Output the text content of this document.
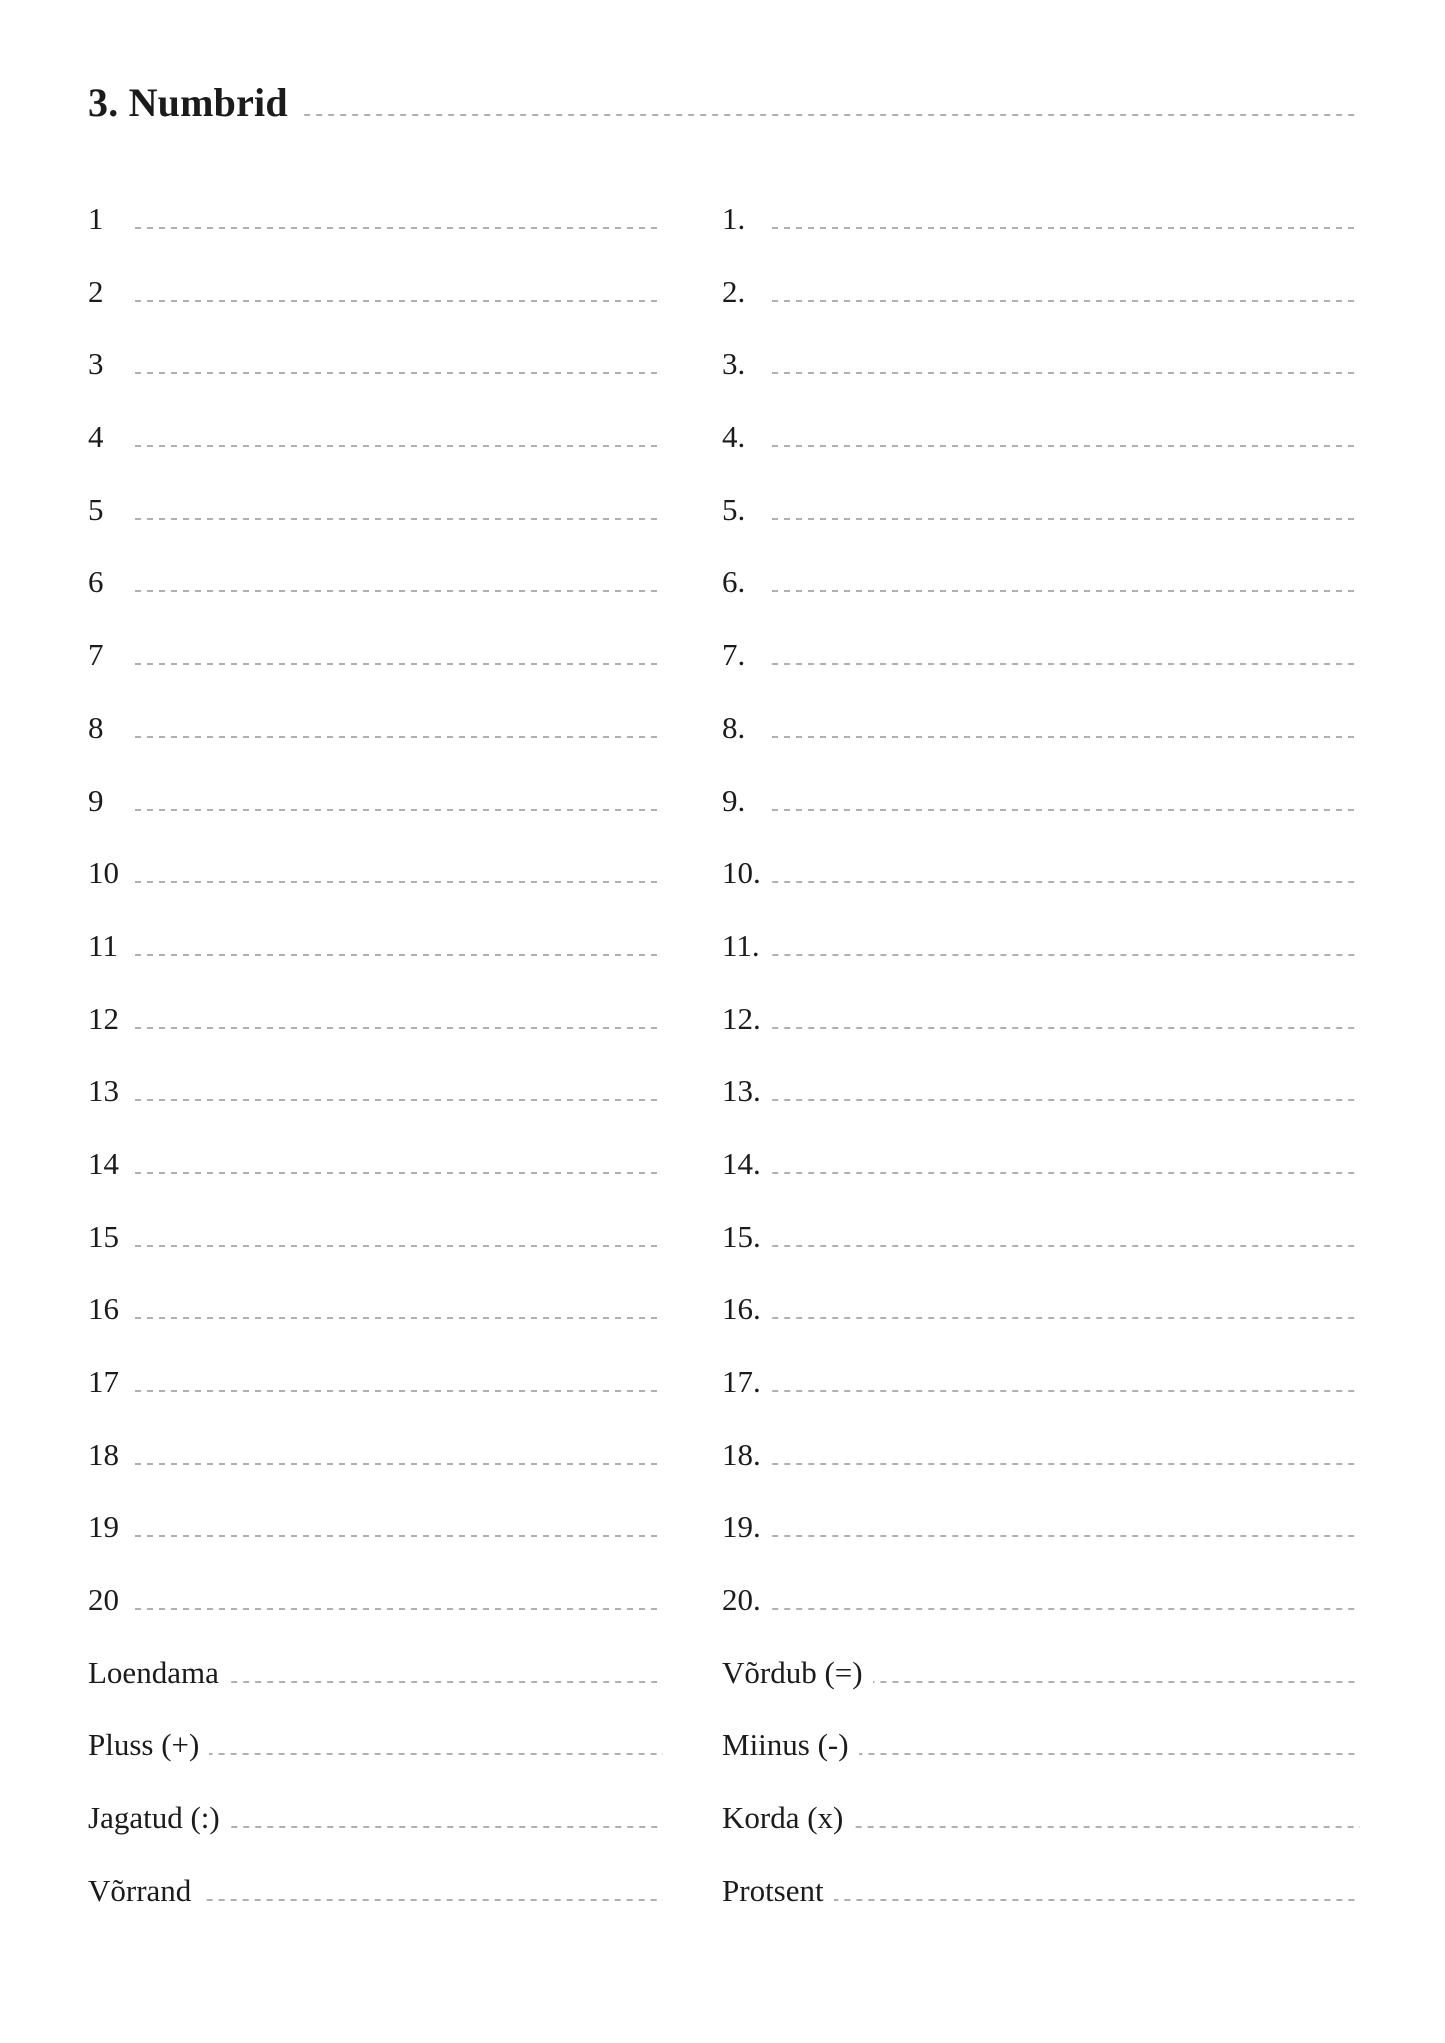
3. Numbrid
1
2
3
4
5
6
7
8
9
10
11
12
13
14
15
16
17
18
19
20
Loendama
Pluss (+)
Jagatud (:)
Võrrand
1.
2.
3.
4.
5.
6.
7.
8.
9.
10.
11.
12.
13.
14.
15.
16.
17.
18.
19.
20.
Võrdub (=)
Miinus (-)
Korda (x)
Protsent
